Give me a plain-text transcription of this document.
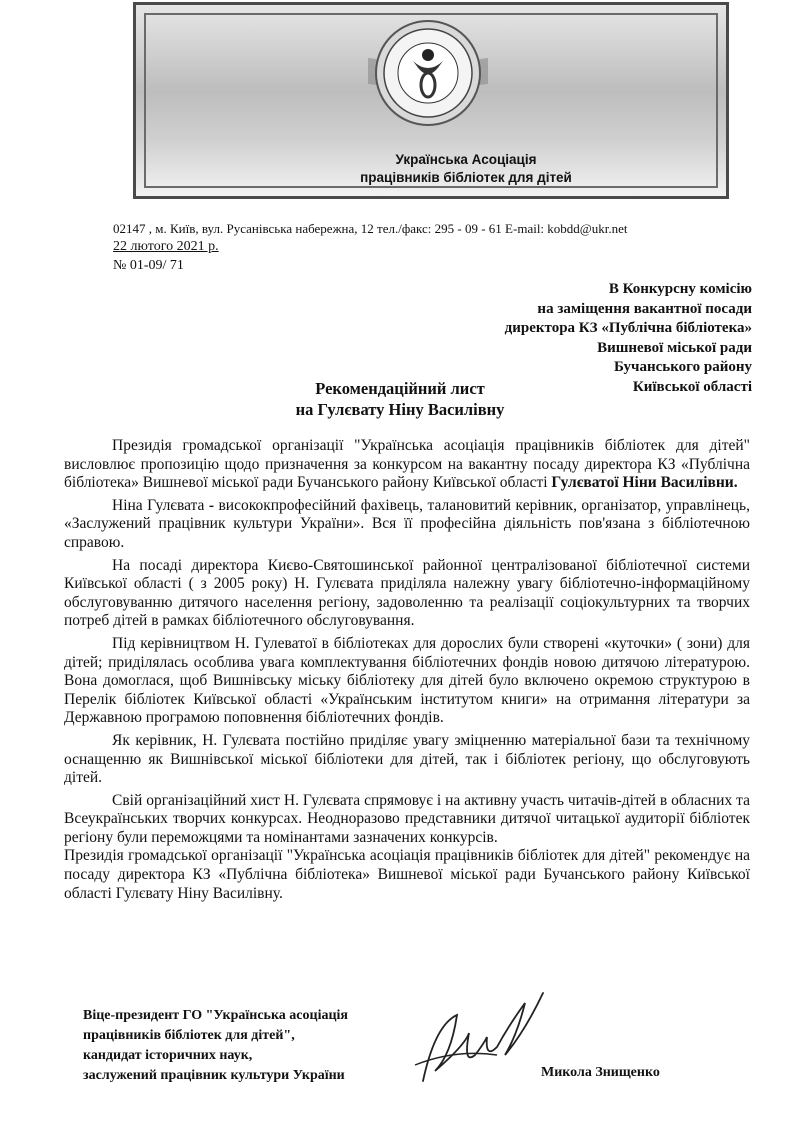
Українська Асоціація
працівників бібліотек для дітей
02147 , м. Київ, вул. Русанівська набережна, 12 тел./факс: 295 - 09 - 61 E-mail: kobdd@ukr.net
22 лютого 2021 р.
№ 01-09/ 71
В Конкурсну комісію
на заміщення вакантної посади
директора КЗ «Публічна бібліотека»
Вишневої міської ради
Бучанського району
Київської області
Рекомендаційний лист
на Гулєвату Ніну Василівну

Президія громадської організації "Українська асоціація працівників бібліотек для дітей" висловлює пропозицію щодо призначення за конкурсом на вакантну посаду директора КЗ «Публічна бібліотека» Вишневої міської ради Бучанського району Київської області Гулєватої Ніни Василівни.

Ніна Гулєвата - висококпрофесійний фахівець, талановитий керівник, організатор, управлінець, «Заслужений працівник культури України». Вся її професійна діяльність пов'язана з бібліотечною справою.

На посаді директора Києво-Святошинської районної централізованої бібліотечної системи Київської області ( з 2005 року) Н. Гулєвата приділяла належну увагу бібліотечно-інформаційному обслуговуванню дитячого населення регіону, задоволенню та реалізації соціокультурних та творчих потреб дітей в рамках бібліотечного обслуговування.

Під керівництвом Н. Гулеватої в бібліотеках для дорослих були створені «куточки» ( зони) для дітей; приділялась особлива увага комплектування бібліотечних фондів новою дитячою літературою. Вона домоглася, щоб Вишнівську міську бібліотеку для дітей було включено окремою структурою в Перелік бібліотек Київської області «Українським інститутом книги» на отримання літератури за Державною програмою поповнення бібліотечних фондів.

Як керівник, Н. Гулєвата постійно приділяє увагу зміцненню матеріальної бази та технічному оснащенню як Вишнівської міської бібліотеки для дітей, так і бібліотек регіону, що обслуговують дітей.

Свій організаційний хист Н. Гулєвата спрямовує і на активну участь читачів-дітей в обласних та Всеукраїнських творчих конкурсах. Неодноразово представники дитячої читацької аудиторії бібліотек регіону були переможцями та номінантами зазначених конкурсів.

Президія громадської організації "Українська асоціація працівників бібліотек для дітей" рекомендує на посаду директора КЗ «Публічна бібліотека» Вишневої міської ради Бучанського району Київської області Гулєвату Ніну Василівну.

Віце-президент ГО "Українська асоціація
працівників бібліотек для дітей",
кандидат історичних наук,
заслужений працівник культури України	Микола Знищенко
